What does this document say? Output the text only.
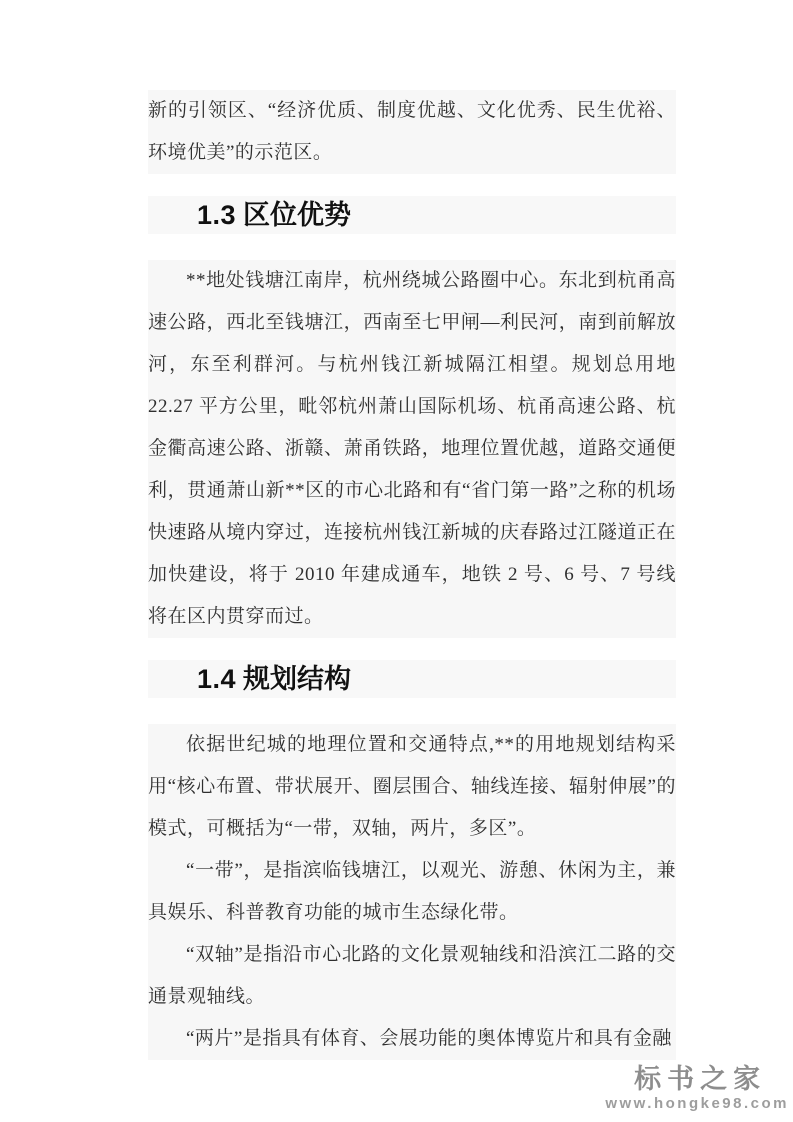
新的引领区、“经济优质、制度优越、文化优秀、民生优裕、环境优美”的示范区。

1.3 区位优势

**地处钱塘江南岸，杭州绕城公路圈中心。东北到杭甬高速公路，西北至钱塘江，西南至七甲闸—利民河，南到前解放河，东至利群河。与杭州钱江新城隔江相望。规划总用地 22.27 平方公里，毗邻杭州萧山国际机场、杭甬高速公路、杭金衢高速公路、浙赣、萧甬铁路，地理位置优越，道路交通便利，贯通萧山新**区的市心北路和有“省门第一路”之称的机场快速路从境内穿过，连接杭州钱江新城的庆春路过江隧道正在加快建设，将于 2010 年建成通车，地铁 2 号、6 号、7 号线将在区内贯穿而过。

1.4 规划结构

依据世纪城的地理位置和交通特点,**的用地规划结构采用“核心布置、带状展开、圈层围合、轴线连接、辐射伸展”的模式，可概括为“一带，双轴，两片，多区”。

“一带”，是指滨临钱塘江，以观光、游憩、休闲为主，兼具娱乐、科普教育功能的城市生态绿化带。

“双轴”是指沿市心北路的文化景观轴线和沿滨江二路的交通景观轴线。

“两片”是指具有体育、会展功能的奥体博览片和具有金融

标书之家
www.hongke98.com
